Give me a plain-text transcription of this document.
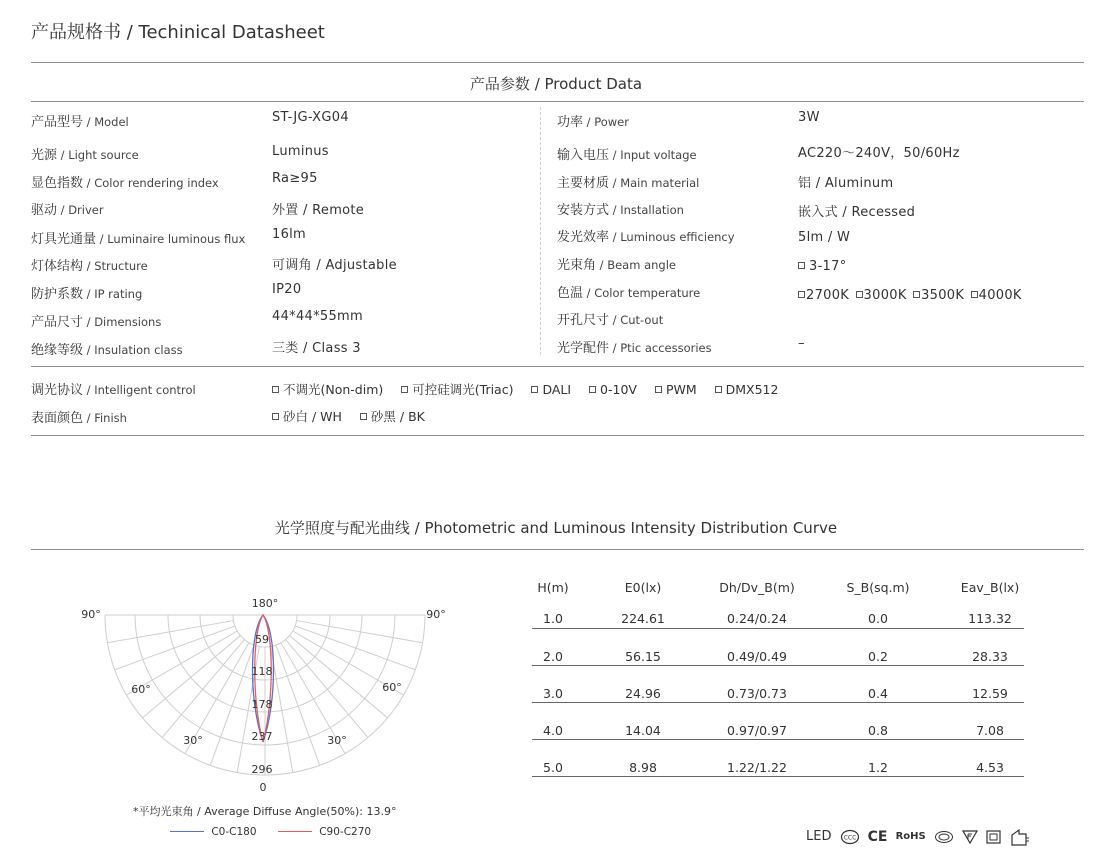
产品规格书 / Techinical Datasheet
产品参数 / Product Data
产品型号 / Model	ST-JG-XG04
光源 / Light source	Luminus
显色指数 / Color rendering index	Ra≥95
驱动 / Driver	外置 / Remote
灯具光通量 / Luminaire luminous flux 16lm
灯体结构 / Structure	可调角 / Adjustable
防护系数 / IP rating	IP20
产品尺寸 / Dimensions	44*44*55mm
绝缘等级 / Insulation class	三类 / Class 3
功率 / Power	3W
输入电压 / Input voltage	AC220～240V，50/60Hz
主要材质 / Main material	铝 / Aluminum
安装方式 / Installation	嵌入式 / Recessed
发光效率 / Luminous efficiency	5lm / W
光束角 / Beam angle	3-17°
色温 / Color temperature	2700K 3000K 3500K 4000K
开孔尺寸 / Cut-out
光学配件 / Ptic accessories	–
调光协议 / Intelligent control	不调光(Non-dim) 可控硅调光(Triac) DALI 0-10V PWM DMX512
表面颜色 / Finish	砂白 / WH 砂黑 / BK
光学照度与配光曲线 / Photometric and Luminous Intensity Distribution Curve
180°
90°	90°
60°	60°
30°	30°
0
59
118
178
237
296
*平均光束角 / Average Diffuse Angle(50%): 13.9°
C0-C180	C90-C270
H(m)	E0(lx)	Dh/Dv_B(m)	S_B(sq.m)	Eav_B(lx)
1.0	224.61	0.24/0.24	0.0	113.32
2.0	56.15	0.49/0.49	0.2	28.33
3.0	24.96	0.73/0.73	0.4	12.59
4.0	14.04	0.97/0.97	0.8	7.08
5.0	8.98	1.22/1.22	1.2	4.53
LED CCC CE RoHS
